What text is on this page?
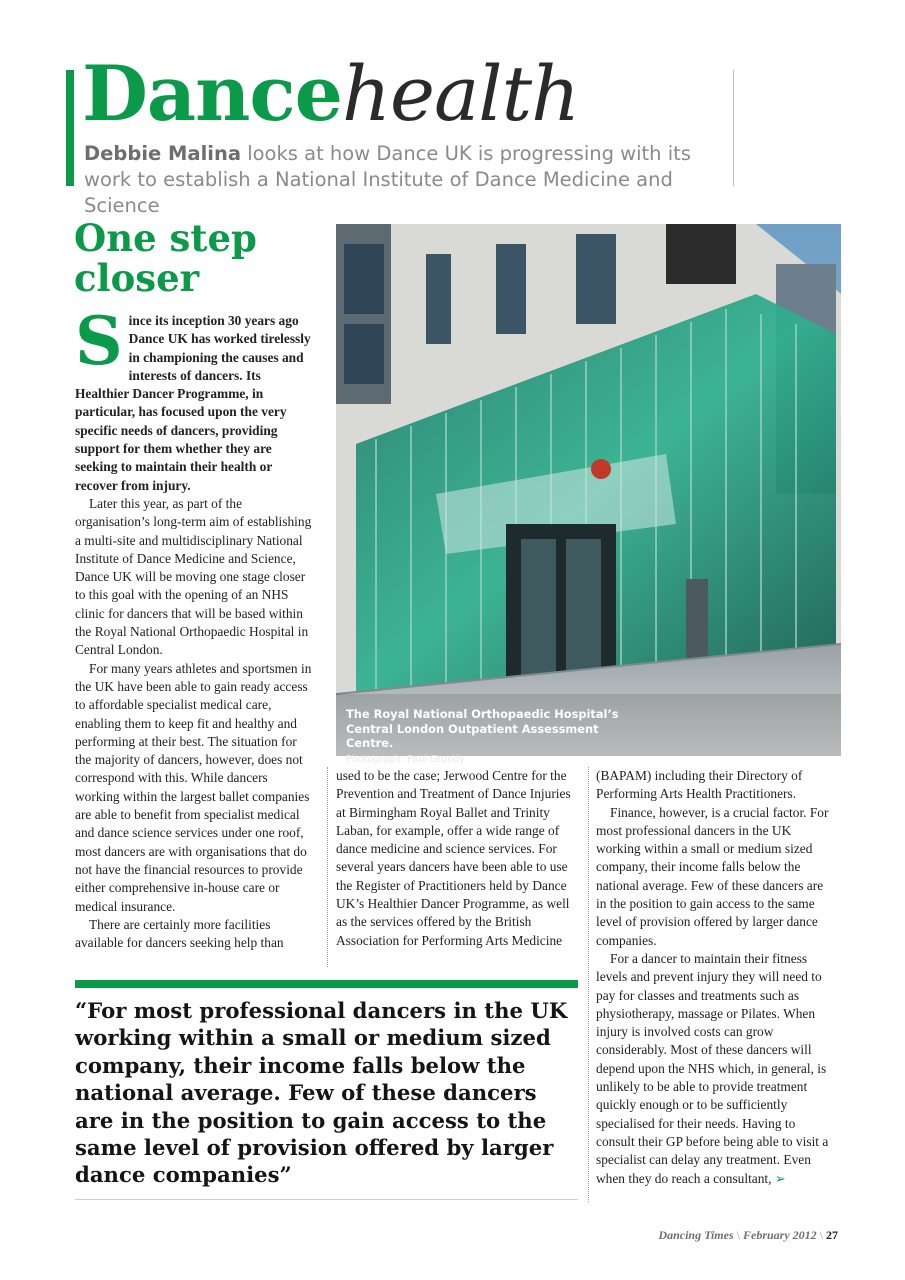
Dancehealth
Debbie Malina looks at how Dance UK is progressing with its work to establish a National Institute of Dance Medicine and Science
One step closer

Since its inception 30 years ago Dance UK has worked tirelessly in championing the causes and interests of dancers. Its Healthier Dancer Programme, in particular, has focused upon the very specific needs of dancers, providing support for them whether they are seeking to maintain their health or recover from injury.

Later this year, as part of the organisation’s long-term aim of establishing a multi-site and multidisciplinary National Institute of Dance Medicine and Science, Dance UK will be moving one stage closer to this goal with the opening of an NHS clinic for dancers that will be based within the Royal National Orthopaedic Hospital in Central London.

For many years athletes and sportsmen in the UK have been able to gain ready access to affordable specialist medical care, enabling them to keep fit and healthy and performing at their best. The situation for the majority of dancers, however, does not correspond with this. While dancers working within the largest ballet companies are able to benefit from specialist medical and dance science services under one roof, most dancers are with organisations that do not have the financial resources to provide either comprehensive in-house care or medical insurance.

There are certainly more facilities available for dancers seeking help than

The Royal National Orthopaedic Hospital’s Central London Outpatient Assessment Centre.
Photograph: Paul Grundy

used to be the case; Jerwood Centre for the Prevention and Treatment of Dance Injuries at Birmingham Royal Ballet and Trinity Laban, for example, offer a wide range of dance medicine and science services. For several years dancers have been able to use the Register of Practitioners held by Dance UK’s Healthier Dancer Programme, as well as the services offered by the British Association for Performing Arts Medicine

(BAPAM) including their Directory of Performing Arts Health Practitioners.

Finance, however, is a crucial factor. For most professional dancers in the UK working within a small or medium sized company, their income falls below the national average. Few of these dancers are in the position to gain access to the same level of provision offered by larger dance companies.

For a dancer to maintain their fitness levels and prevent injury they will need to pay for classes and treatments such as physiotherapy, massage or Pilates. When injury is involved costs can grow considerably. Most of these dancers will depend upon the NHS which, in general, is unlikely to be able to provide treatment quickly enough or to be sufficiently specialised for their needs. Having to consult their GP before being able to visit a specialist can delay any treatment. Even when they do reach a consultant, ➢

“For most professional dancers in the UK working within a small or medium sized company, their income falls below the national average. Few of these dancers are in the position to gain access to the same level of provision offered by larger dance companies”
Dancing Times \ February 2012 \ 27
